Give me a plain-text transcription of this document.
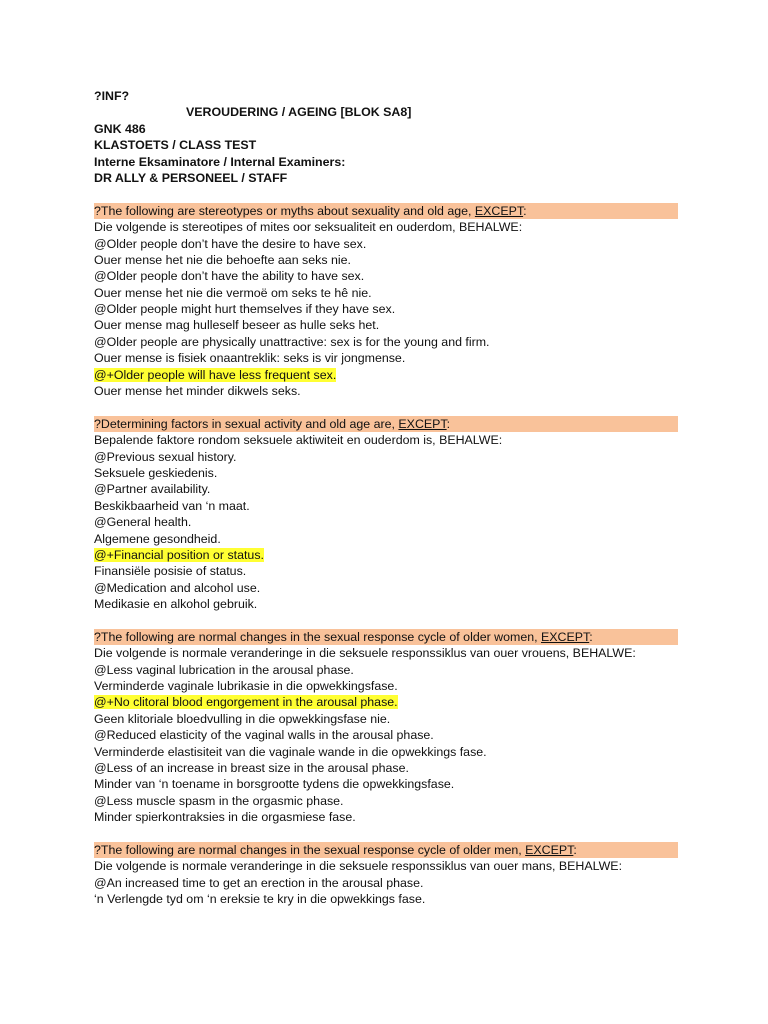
?INF?
VEROUDERING / AGEING [BLOK SA8]
GNK 486
KLASTOETS / CLASS TEST
Interne Eksaminatore / Internal Examiners:
DR ALLY & PERSONEEL / STAFF
?The following are stereotypes or myths about sexuality and old age, EXCEPT:
Die volgende is stereotipes of mites oor seksualiteit en ouderdom, BEHALWE:
@Older people don’t have the desire to have sex.
Ouer mense het nie die behoefte aan seks nie.
@Older people don’t have the ability to have sex.
Ouer mense het nie die vermoë om seks te hê nie.
@Older people might hurt themselves if they have sex.
Ouer mense mag hulleself beseer as hulle seks het.
@Older people are physically unattractive: sex is for the young and firm.
Ouer mense is fisiek onaantreklik: seks is vir jongmense.
@+Older people will have less frequent sex.
Ouer mense het minder dikwels seks.
?Determining factors in sexual activity and old age are, EXCEPT:
Bepalende faktore rondom seksuele aktiwiteit en ouderdom is, BEHALWE:
@Previous sexual history.
Seksuele geskiedenis.
@Partner availability.
Beskikbaarheid van ‘n maat.
@General health.
Algemene gesondheid.
@+Financial position or status.
Finansiële posisie of status.
@Medication and alcohol use.
Medikasie en alkohol gebruik.
?The following are normal changes in the sexual response cycle of older women, EXCEPT:
Die volgende is normale veranderinge in die seksuele responssiklus van ouer vrouens, BEHALWE:
@Less vaginal lubrication in the arousal phase.
Verminderde vaginale lubrikasie in die opwekkingsfase.
@+No clitoral blood engorgement in the arousal phase.
Geen klitoriale bloedvulling in die opwekkingsfase nie.
@Reduced elasticity of the vaginal walls in the arousal phase.
Verminderde elastisiteit van die vaginale wande in die opwekkings fase.
@Less of an increase in breast size in the arousal phase.
Minder van ‘n toename in borsgrootte tydens die opwekkingsfase.
@Less muscle spasm in the orgasmic phase.
Minder spierkontraksies in die orgasmiese fase.
?The following are normal changes in the sexual response cycle of older men, EXCEPT:
Die volgende is normale veranderinge in die seksuele responssiklus van ouer mans, BEHALWE:
@An increased time to get an erection in the arousal phase.
‘n Verlengde tyd om ‘n ereksie te kry in die opwekkings fase.
